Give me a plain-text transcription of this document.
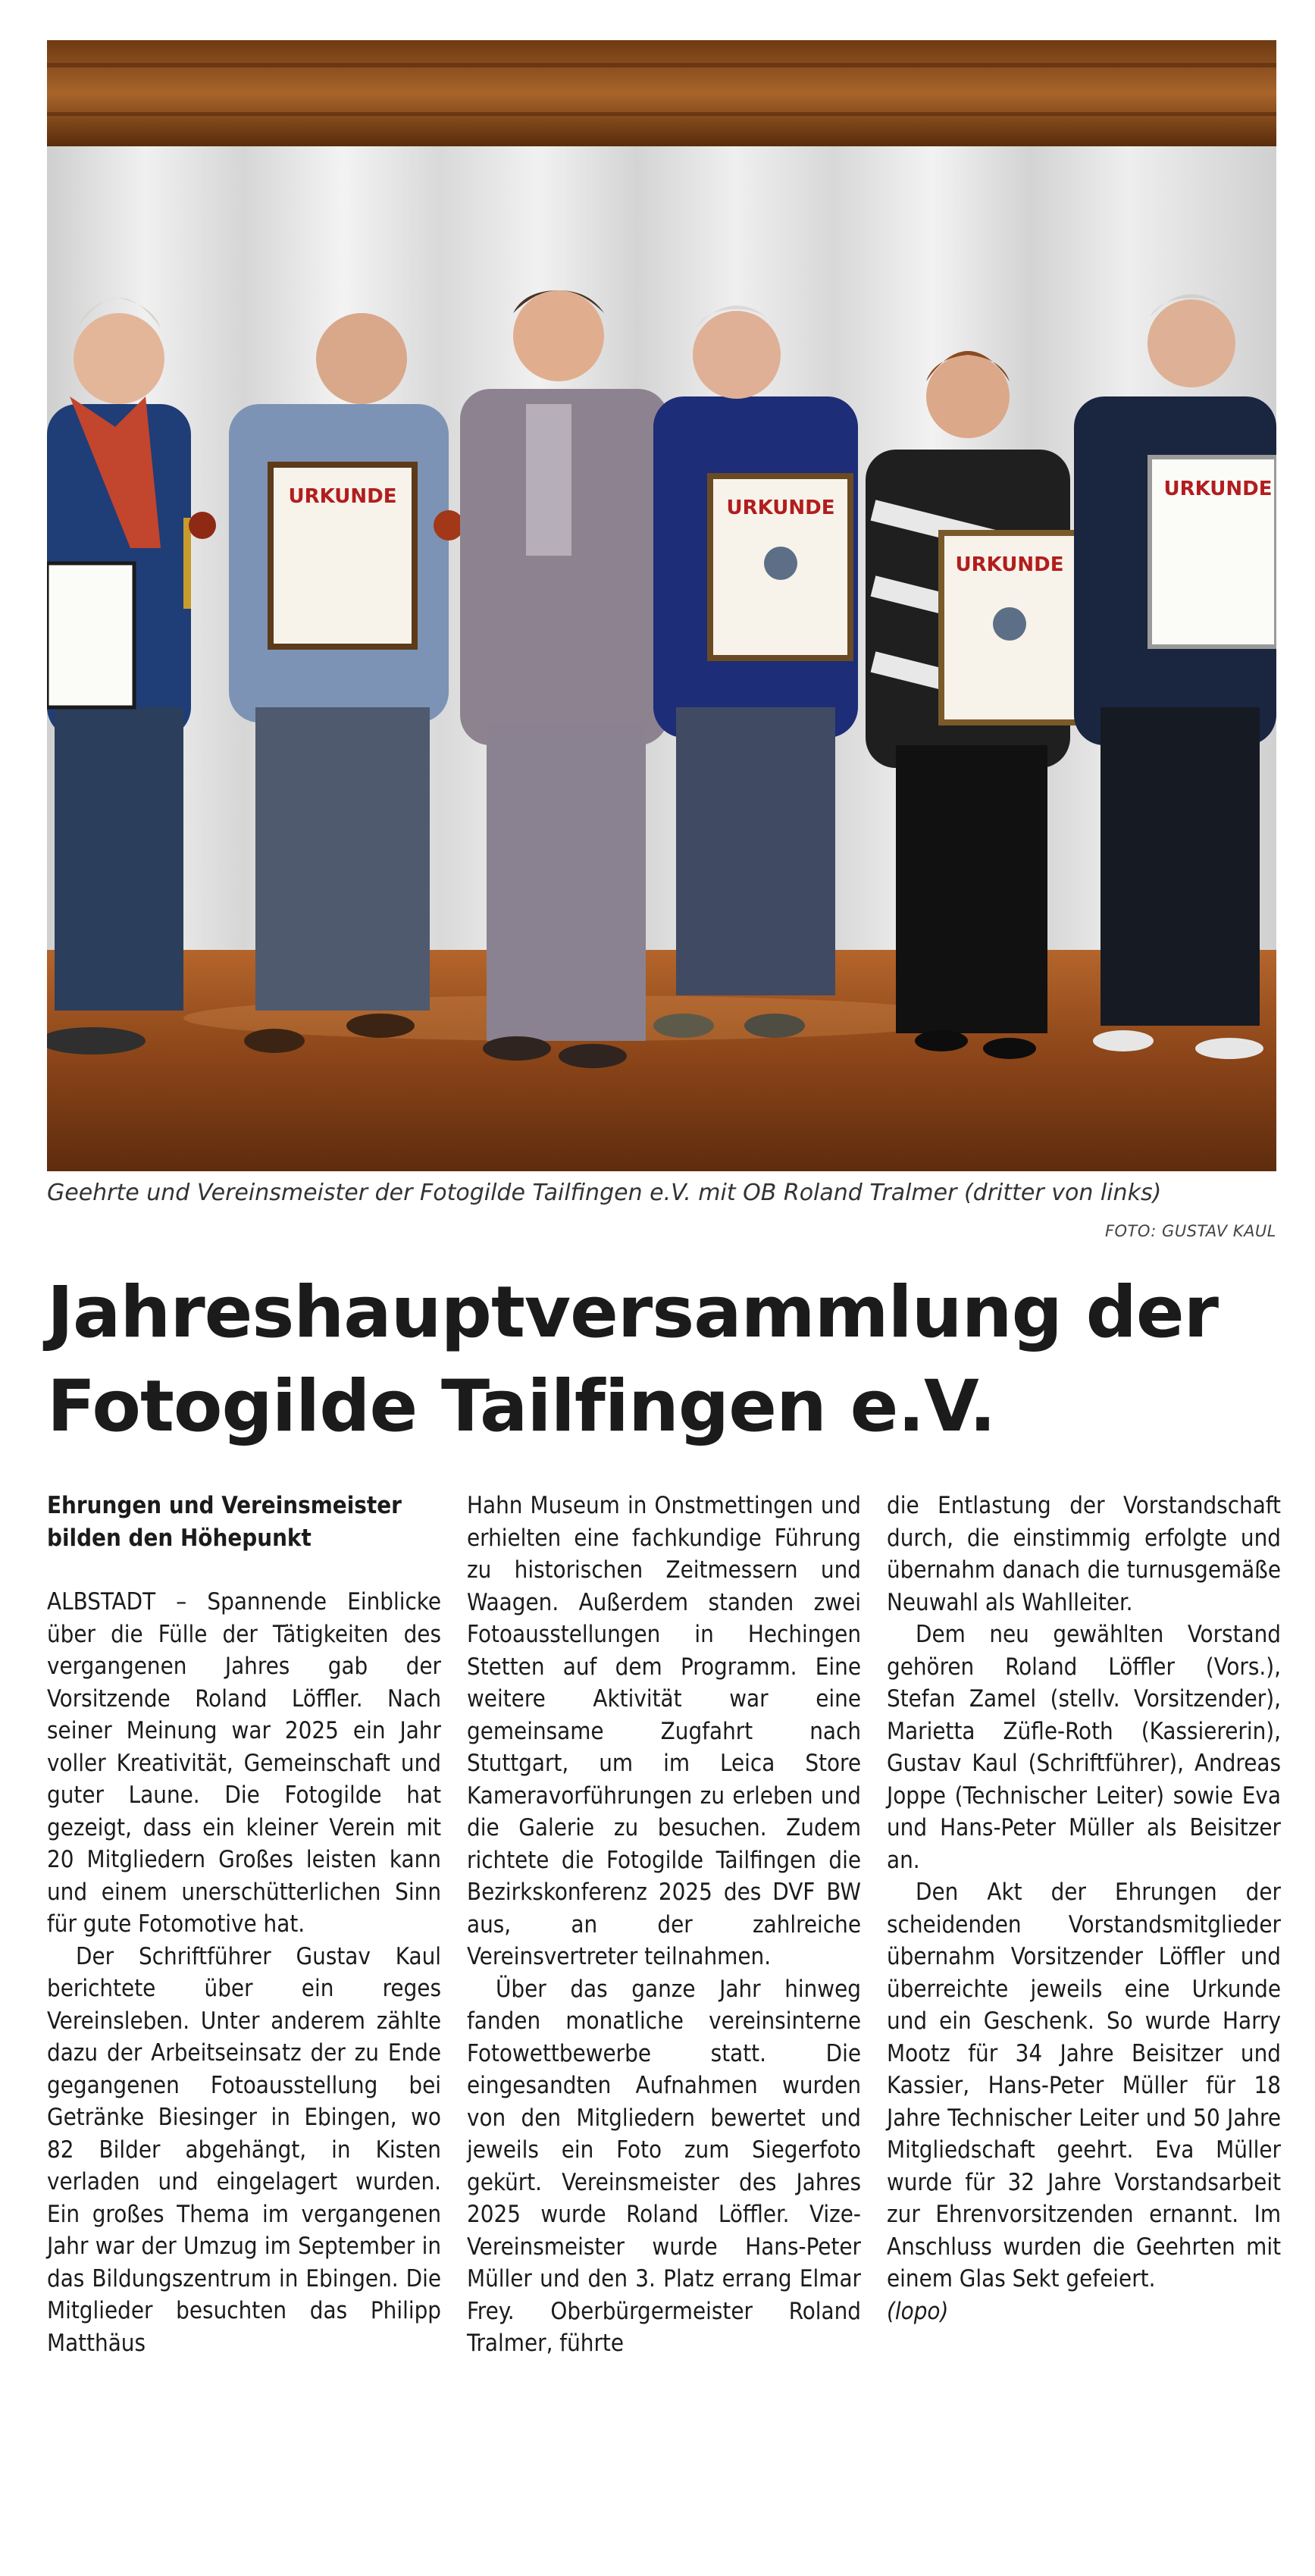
URKUNDE	URKUNDE
URKUNDE
URKUNDE
Geehrte und Vereinsmeister der Fotogilde Tailfingen e.V. mit OB Roland Tralmer (dritter von links)
FOTO: GUSTAV KAUL
Jahreshauptversammlung der
Fotogilde Tailfingen e.V.

Ehrungen und Vereinsmeister bilden den Höhepunkt

ALBSTADT – Spannende Einblicke über die Fülle der Tätigkeiten des vergangenen Jahres gab der Vorsitzende Roland Löffler. Nach seiner Meinung war 2025 ein Jahr voller Kreativität, Gemeinschaft und guter Laune. Die Fotogilde hat gezeigt, dass ein kleiner Verein mit 20 Mitgliedern Großes leisten kann und einem unerschütterlichen Sinn für gute Fotomotive hat.

Der Schriftführer Gustav Kaul berichtete über ein reges Vereinsleben. Unter anderem zählte dazu der Arbeitseinsatz der zu Ende gegangenen Fotoausstellung bei Getränke Biesinger in Ebingen, wo 82 Bilder abgehängt, in Kisten verladen und eingelagert wurden. Ein großes Thema im vergangenen Jahr war der Umzug im September in das Bildungszentrum in Ebingen. Die Mitglieder besuchten das Philipp Matthäus

Hahn Museum in Onstmettingen und erhielten eine fachkundige Führung zu historischen Zeitmessern und Waagen. Außerdem standen zwei Fotoausstellungen in Hechingen Stetten auf dem Programm. Eine weitere Aktivität war eine gemeinsame Zugfahrt nach Stuttgart, um im Leica Store Kameravorführungen zu erleben und die Galerie zu besuchen. Zudem richtete die Fotogilde Tailfingen die Bezirkskonferenz 2025 des DVF BW aus, an der zahlreiche Vereinsvertreter teilnahmen.

Über das ganze Jahr hinweg fanden monatliche vereinsinterne Fotowettbewerbe statt. Die eingesandten Aufnahmen wurden von den Mitgliedern bewertet und jeweils ein Foto zum Siegerfoto gekürt. Vereinsmeister des Jahres 2025 wurde Roland Löffler. Vize-Vereinsmeister wurde Hans-Peter Müller und den 3. Platz errang Elmar Frey. Oberbürgermeister Roland Tralmer, führte

die Entlastung der Vorstandschaft durch, die einstimmig erfolgte und übernahm danach die turnusgemäße Neuwahl als Wahlleiter.

Dem neu gewählten Vorstand gehören Roland Löffler (Vors.), Stefan Zamel (stellv. Vorsitzender), Marietta Züfle-Roth (Kassiererin), Gustav Kaul (Schriftführer), Andreas Joppe (Technischer Leiter) sowie Eva und Hans-Peter Müller als Beisitzer an.

Den Akt der Ehrungen der scheidenden Vorstandsmitglieder übernahm Vorsitzender Löffler und überreichte jeweils eine Urkunde und ein Geschenk. So wurde Harry Mootz für 34 Jahre Beisitzer und Kassier, Hans-Peter Müller für 18 Jahre Technischer Leiter und 50 Jahre Mitgliedschaft geehrt. Eva Müller wurde für 32 Jahre Vorstandsarbeit zur Ehrenvorsitzenden ernannt. Im Anschluss wurden die Geehrten mit einem Glas Sekt gefeiert.

(lopo)
